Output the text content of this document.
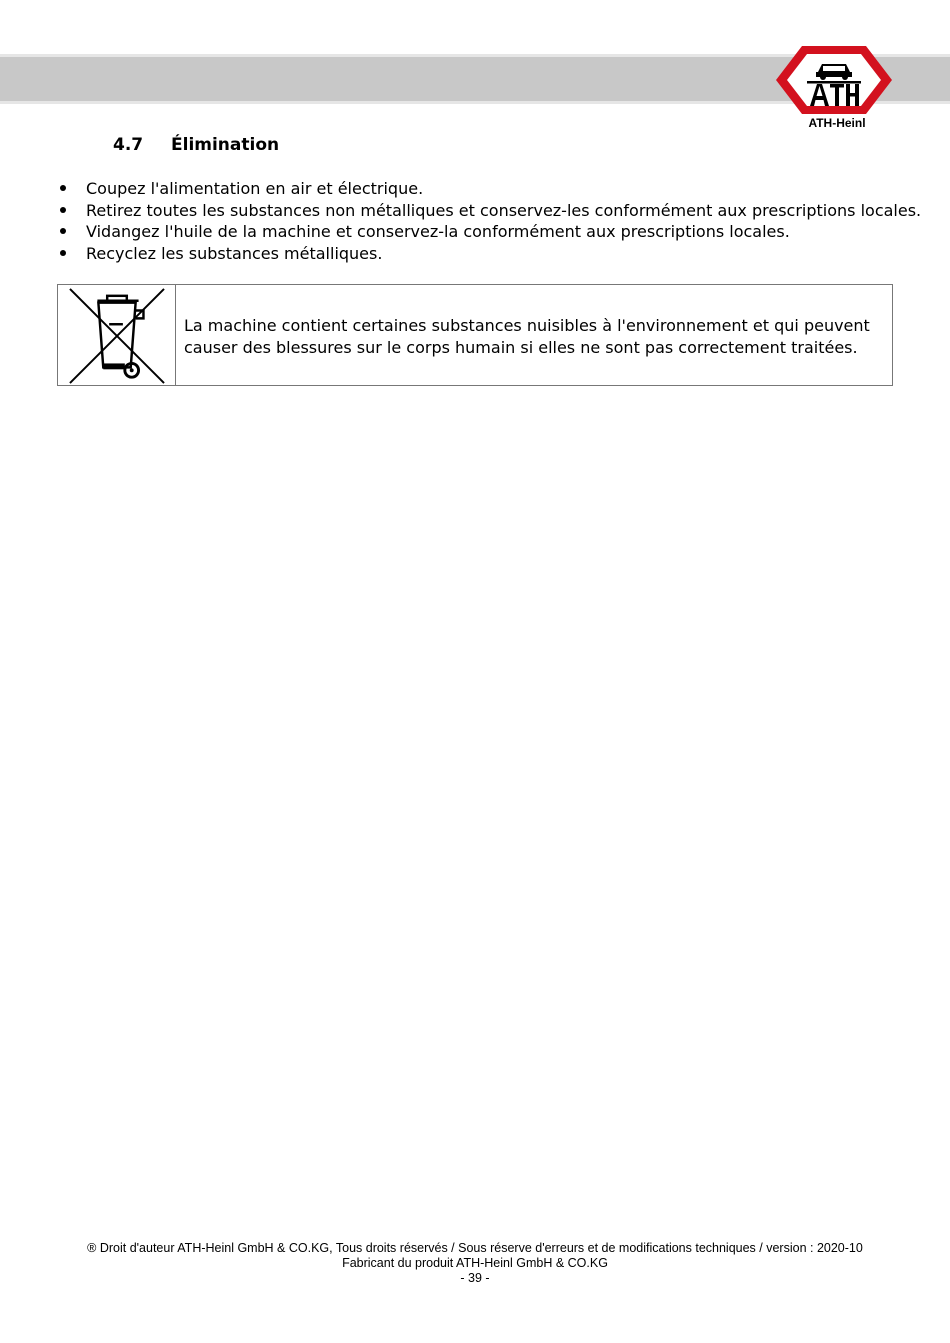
ATH-Heinl
4.7 Élimination
Coupez l'alimentation en air et électrique.
Retirez toutes les substances non métalliques et conservez-les conformément aux prescriptions locales.
Vidangez l'huile de la machine et conservez-la conformément aux prescriptions locales.
Recyclez les substances métalliques.
La machine contient certaines substances nuisibles à l'environnement et qui peuvent
causer des blessures sur le corps humain si elles ne sont pas correctement traitées.
® Droit d'auteur ATH-Heinl GmbH & CO.KG, Tous droits réservés / Sous réserve d'erreurs et de modifications techniques / version : 2020-10
Fabricant du produit ATH-Heinl GmbH & CO.KG
- 39 -
